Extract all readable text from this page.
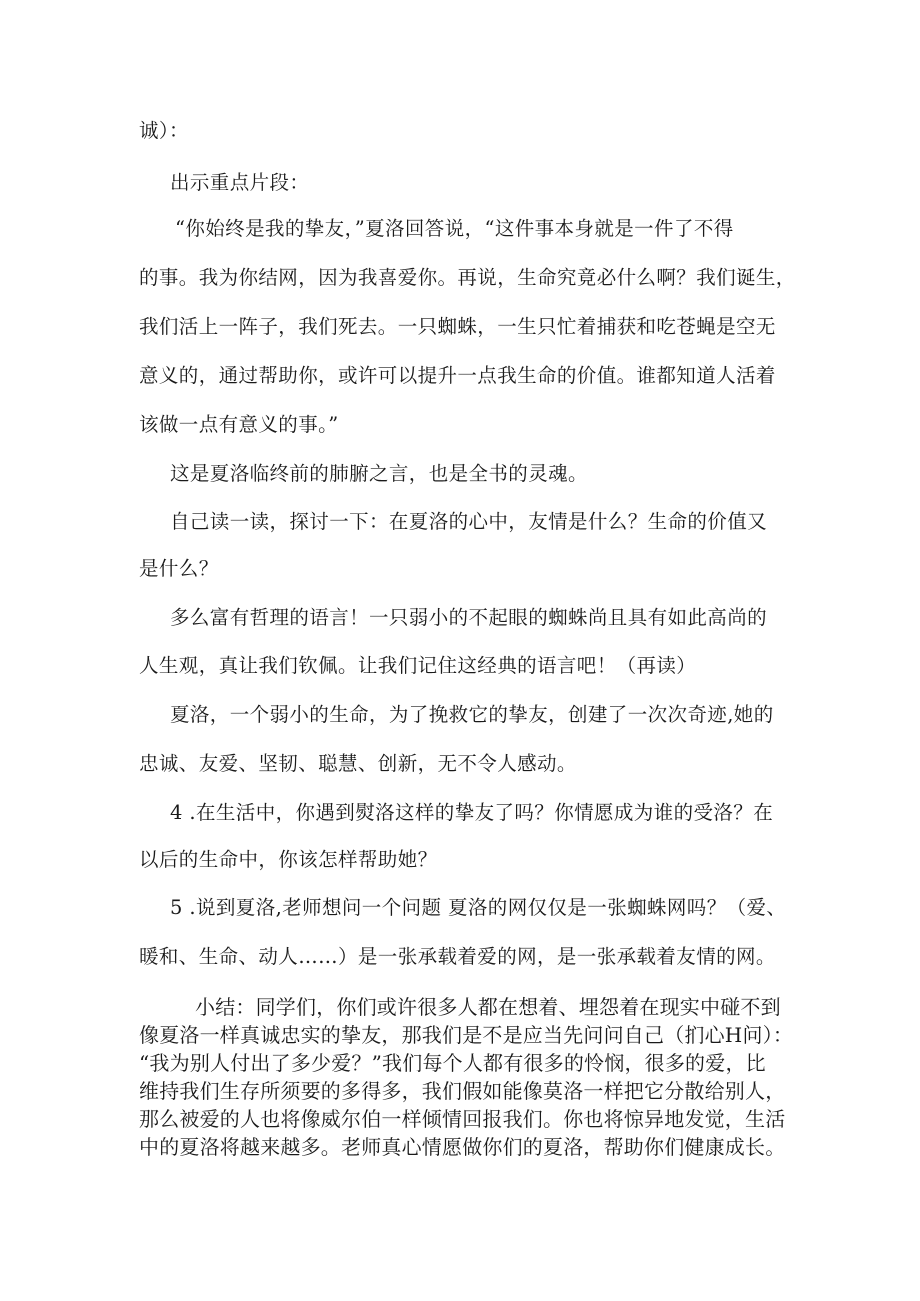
诚）：
出示重点片段：
“你始终是我的挚友，”夏洛回答说，“这件事本身就是一件了不得
的事。我为你结网，因为我喜爱你。再说，生命究竟必什么啊？我们诞生，
我们活上一阵子，我们死去。一只蜘蛛，一生只忙着捕获和吃苍蝇是空无
意义的，通过帮助你，或许可以提升一点我生命的价值。谁都知道人活着
该做一点有意义的事。”
这是夏洛临终前的肺腑之言，也是全书的灵魂。
自己读一读，探讨一下：在夏洛的心中，友情是什么？生命的价值又
是什么？
多么富有哲理的语言！一只弱小的不起眼的蜘蛛尚且具有如此高尚的
人生观，真让我们钦佩。让我们记住这经典的语言吧！（再读）
夏洛，一个弱小的生命，为了挽救它的挚友，创建了一次次奇迹,她的
忠诚、友爱、坚韧、聪慧、创新，无不令人感动。
4 .在生活中，你遇到熨洛这样的挚友了吗？你情愿成为谁的受洛？在
以后的生命中，你该怎样帮助她？
5 .说到夏洛,老师想问一个问题 夏洛的网仅仅是一张蜘蛛网吗？（爱、
暖和、生命、动人……）是一张承载着爱的网，是一张承载着友情的网。
小结：同学们，你们或许很多人都在想着、埋怨着在现实中碰不到
像夏洛一样真诚忠实的挚友，那我们是不是应当先问问自己（扪心H问）：
“我为别人付出了多少爱？”我们每个人都有很多的怜悯，很多的爱，比
维持我们生存所须要的多得多，我们假如能像莫洛一样把它分散给别人，
那么被爱的人也将像威尔伯一样倾情回报我们。你也将惊异地发觉，生活
中的夏洛将越来越多。老师真心情愿做你们的夏洛，帮助你们健康成长。
